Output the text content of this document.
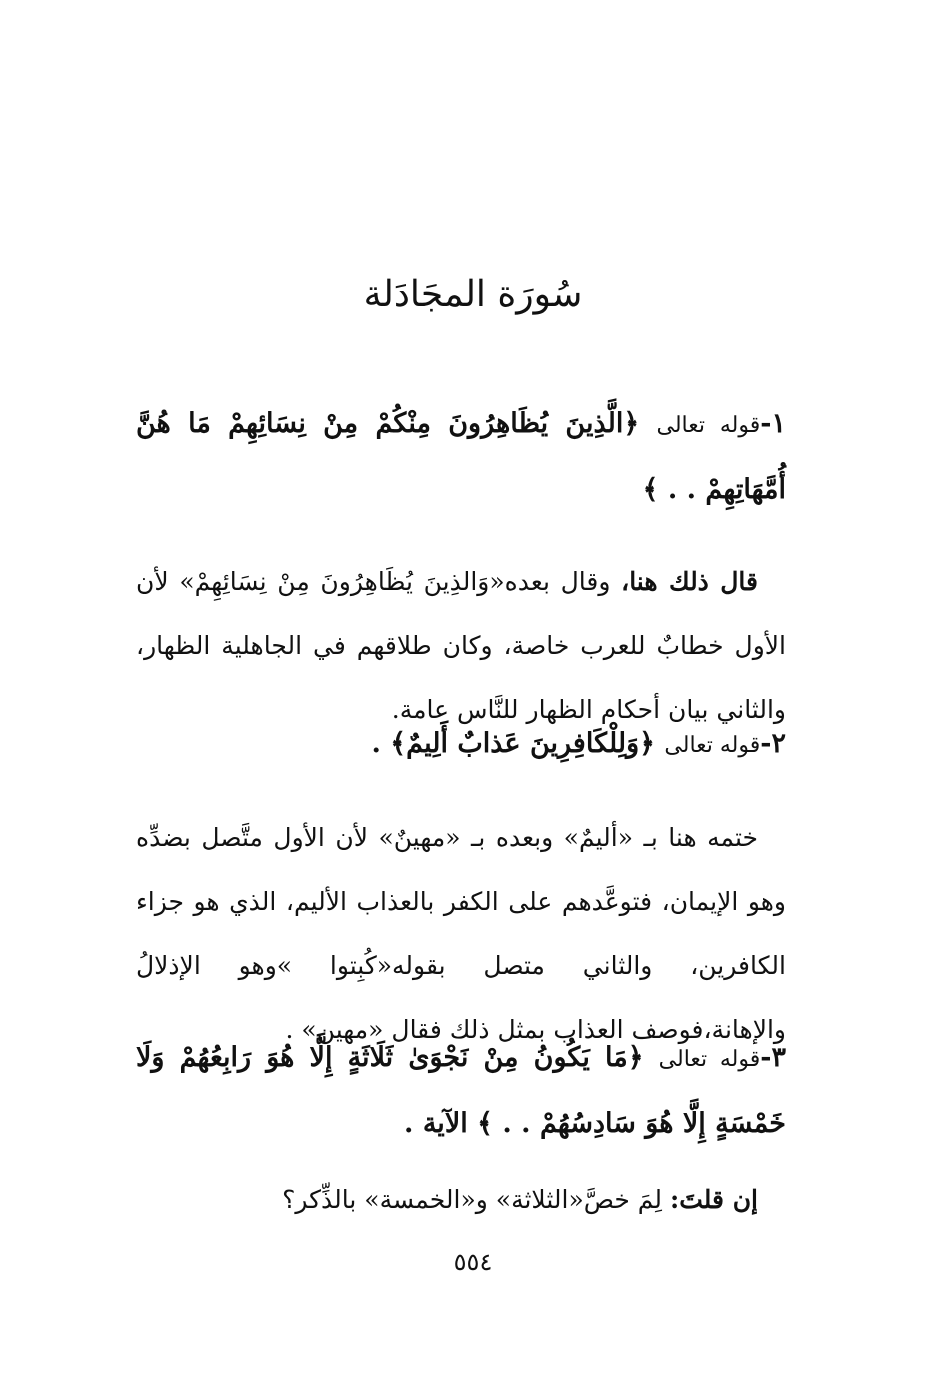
سُورَة المجَادَلة

١-قوله تعالى ﴿الَّذِينَ يُظَاهِرُونَ مِنْكُمْ مِنْ نِسَائِهِمْ مَا هُنَّ أُمَّهَاتِهِمْ . . ﴾

قال ذلك هنا، وقال بعده«وَالذِينَ يُظَاهِرُونَ مِنْ نِسَائِهِمْ» لأن الأول خطابٌ للعرب خاصة، وكان طلاقهم في الجاهلية الظهار، والثاني بيان أحكام الظهار للنَّاس عامة.

٢-قوله تعالى ﴿وَلِلْكَافِرِينَ عَذابٌ أَلِيمٌ﴾ .

ختمه هنا بـ «أليمٌ» وبعده بـ «مهينٌ» لأن الأول متَّصل بضدِّه وهو الإيمان، فتوعَّدهم على الكفر بالعذاب الأليم، الذي هو جزاء الكافرين، والثاني متصل بقوله«كُبِتوا »وهو الإذلالُ والإهانة،فوصف العذاب بمثل ذلك فقال «مهين» .

٣-قوله تعالى ﴿مَا يَكُونُ مِنْ نَجْوَىٰ ثَلَاثَةٍ إِلَّا هُوَ رَابِعُهُمْ وَلَا خَمْسَةٍ إِلَّا هُوَ سَادِسُهُمْ . . ﴾ الآية .

إن قلتَ: لِمَ خصَّ«الثلاثة» و«الخمسة» بالذِّكر؟

٥٥٤
